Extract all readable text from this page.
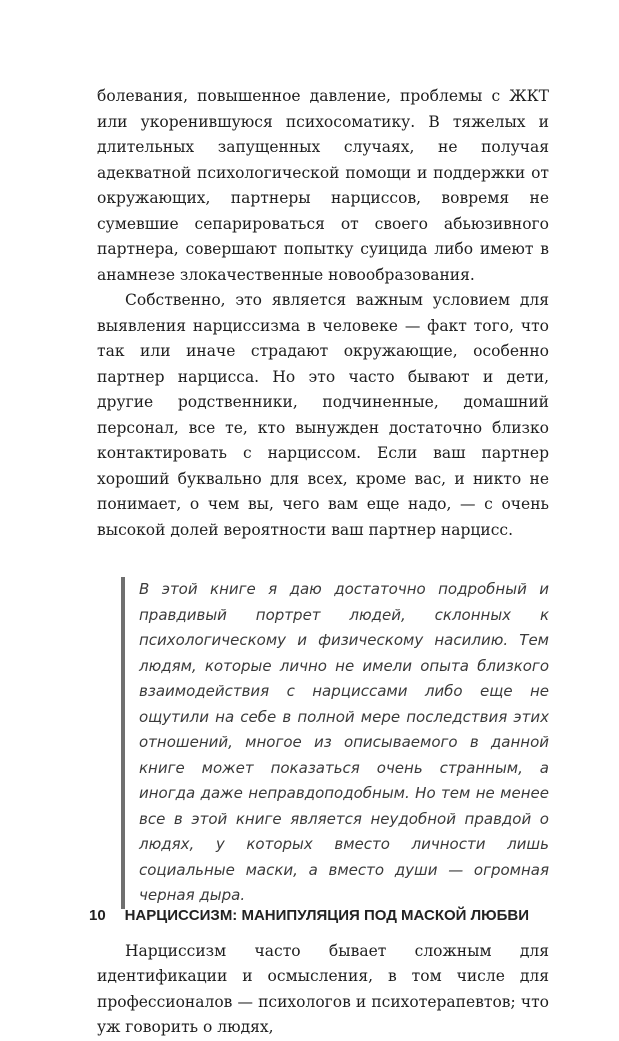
болевания, повышенное давление, проблемы с ЖКТ или укоренившуюся психосоматику. В тяжелых и длительных запущенных случаях, не получая адекватной психологической помощи и поддержки от окружающих, партнеры нарциссов, вовремя не сумевшие сепарироваться от своего абьюзивного партнера, совершают попытку суицида либо имеют в анамнезе злокачественные новообразования.

Собственно, это является важным условием для выявления нарциссизма в человеке — факт того, что так или иначе страдают окружающие, особенно партнер нарцисса. Но это часто бывают и дети, другие родственники, подчиненные, домашний персонал, все те, кто вынужден достаточно близко контактировать с нарциссом. Если ваш партнер хороший буквально для всех, кроме вас, и никто не понимает, о чем вы, чего вам еще надо, — с очень высокой долей вероятности ваш партнер нарцисс.

В этой книге я даю достаточно подробный и правдивый портрет людей, склонных к психологическому и физическому насилию. Тем людям, которые лично не имели опыта близкого взаимодействия с нарциссами либо еще не ощутили на себе в полной мере последствия этих отношений, многое из описываемого в данной книге может показаться очень странным, а иногда даже неправдоподобным. Но тем не менее все в этой книге является неудобной правдой о людях, у которых вместо личности лишь социальные маски, а вместо души — огромная черная дыра.

Нарциссизм часто бывает сложным для идентификации и осмысления, в том числе для профессионалов — психологов и психотерапевтов; что уж говорить о людях,

10	НАРЦИССИЗМ: МАНИПУЛЯЦИЯ ПОД МАСКОЙ ЛЮБВИ
